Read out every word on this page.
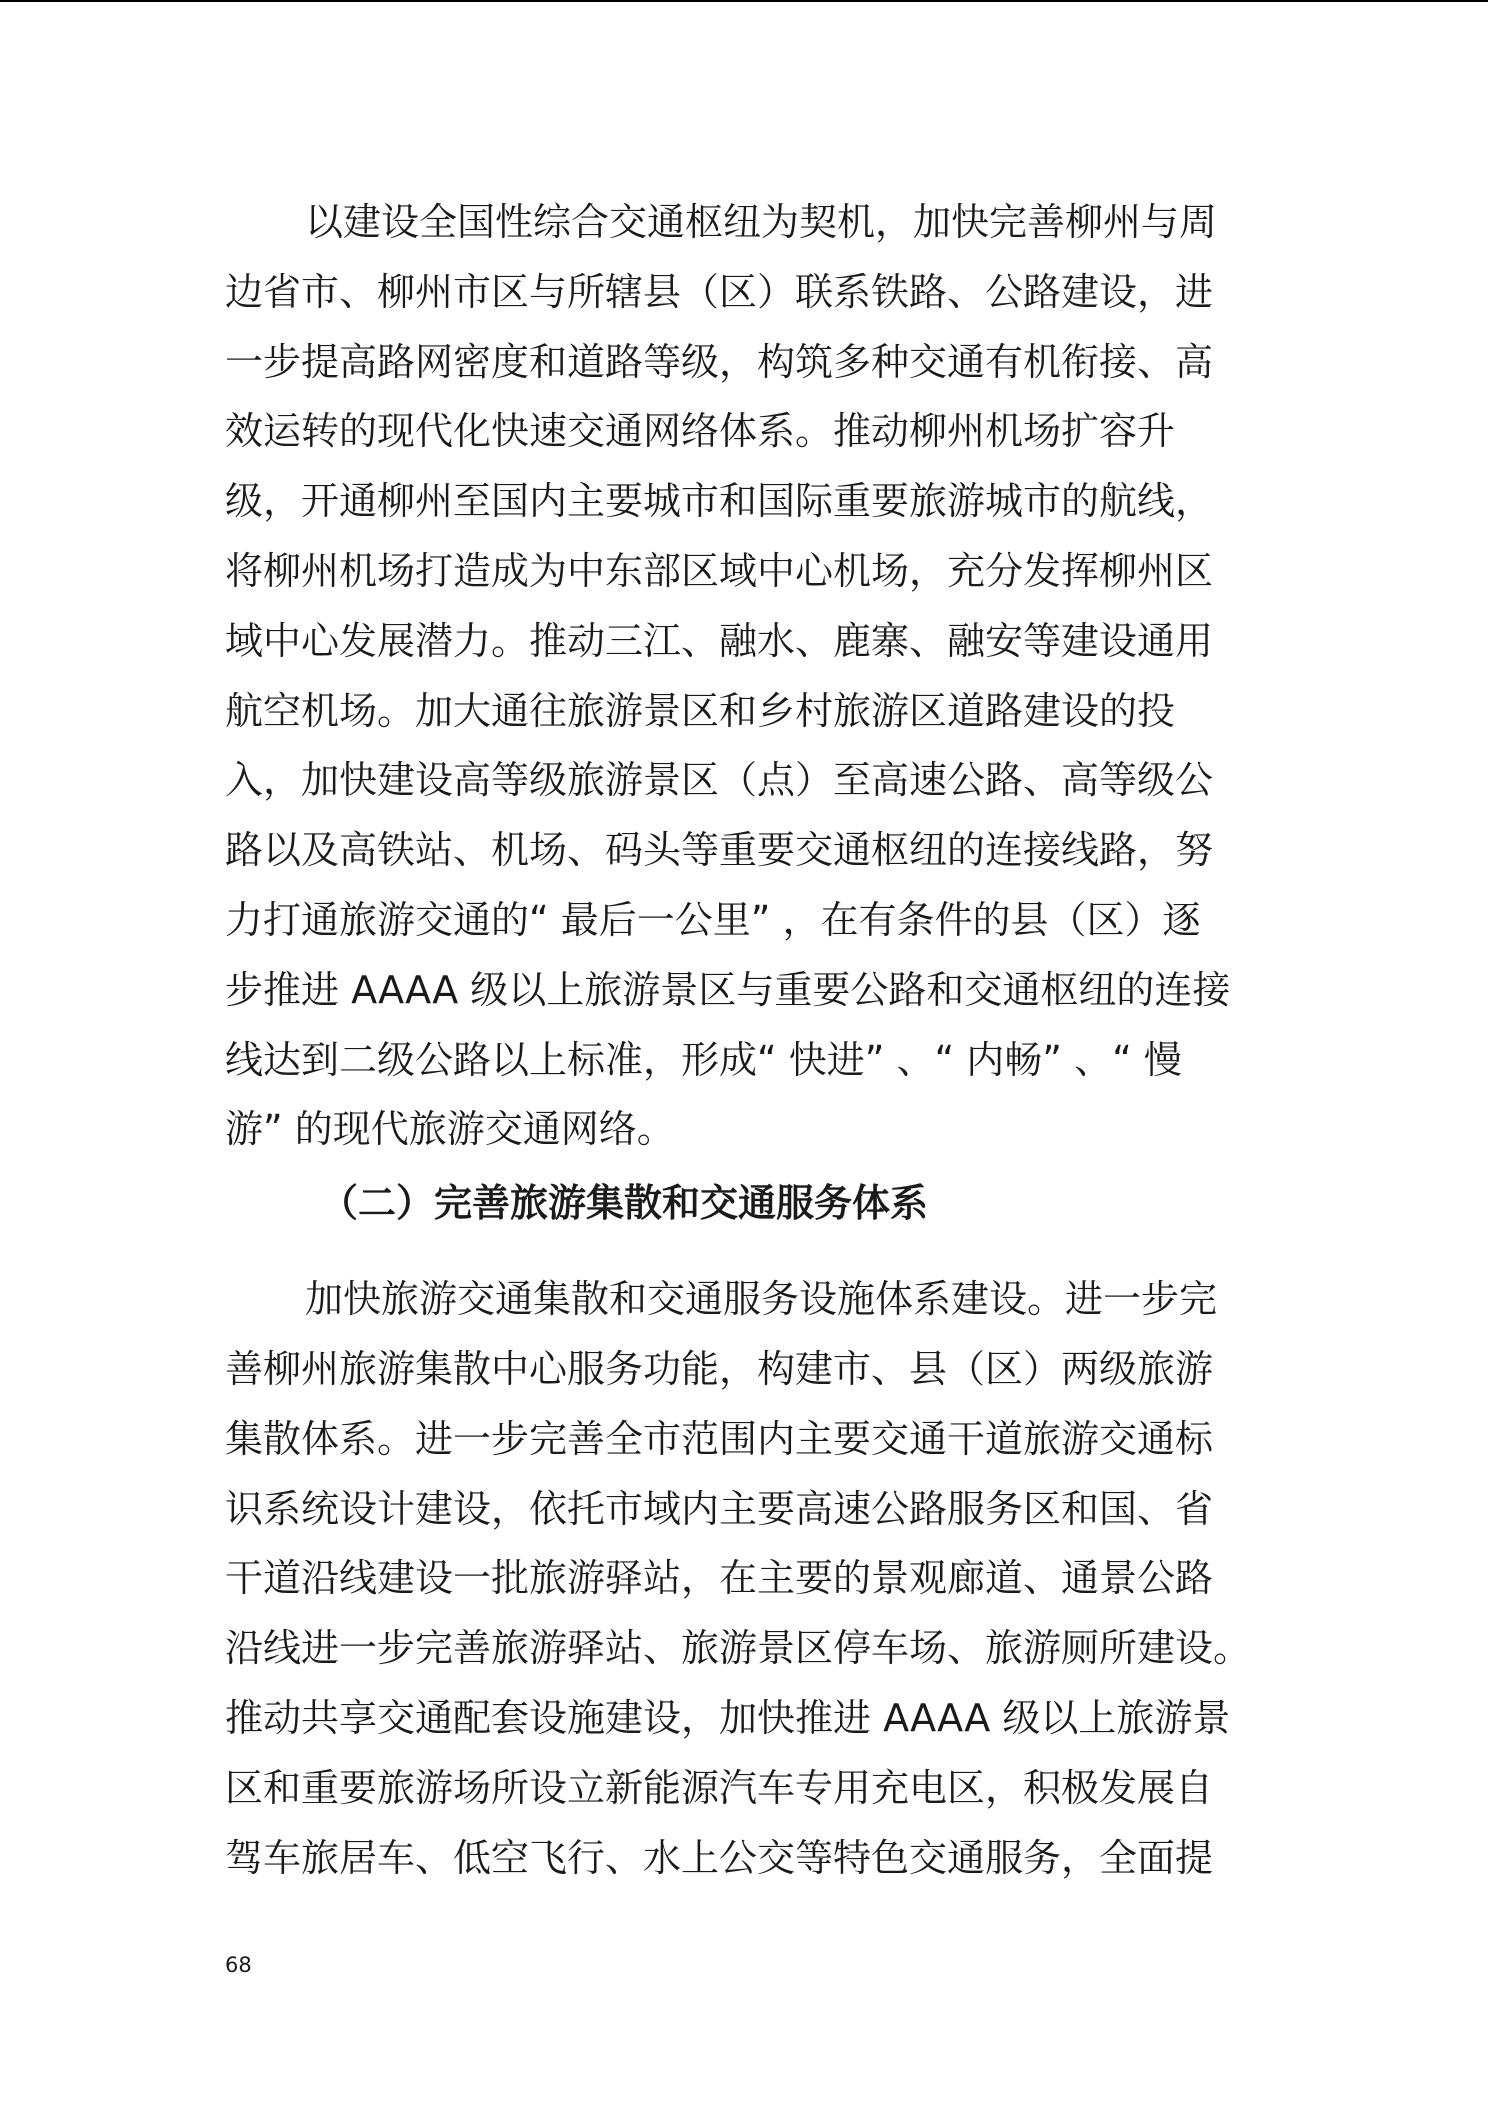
以建设全国性综合交通枢纽为契机，加快完善柳州与周
边省市、柳州市区与所辖县（区）联系铁路、公路建设，进
一步提高路网密度和道路等级，构筑多种交通有机衔接、高
效运转的现代化快速交通网络体系。推动柳州机场扩容升
级，开通柳州至国内主要城市和国际重要旅游城市的航线，
将柳州机场打造成为中东部区域中心机场，充分发挥柳州区
域中心发展潜力。推动三江、融水、鹿寨、融安等建设通用
航空机场。加大通往旅游景区和乡村旅游区道路建设的投
入，加快建设高等级旅游景区（点）至高速公路、高等级公
路以及高铁站、机场、码头等重要交通枢纽的连接线路，努
力打通旅游交通的“ 最后一公里” ，在有条件的县（区）逐
步推进 AAAA 级以上旅游景区与重要公路和交通枢纽的连接
线达到二级公路以上标准，形成“ 快进” 、“ 内畅” 、“ 慢
游” 的现代旅游交通网络。
（二）完善旅游集散和交通服务体系
加快旅游交通集散和交通服务设施体系建设。进一步完
善柳州旅游集散中心服务功能，构建市、县（区）两级旅游
集散体系。进一步完善全市范围内主要交通干道旅游交通标
识系统设计建设，依托市域内主要高速公路服务区和国、省
干道沿线建设一批旅游驿站，在主要的景观廊道、通景公路
沿线进一步完善旅游驿站、旅游景区停车场、旅游厕所建设。
推动共享交通配套设施建设，加快推进 AAAA 级以上旅游景
区和重要旅游场所设立新能源汽车专用充电区，积极发展自
驾车旅居车、低空飞行、水上公交等特色交通服务，全面提
68
